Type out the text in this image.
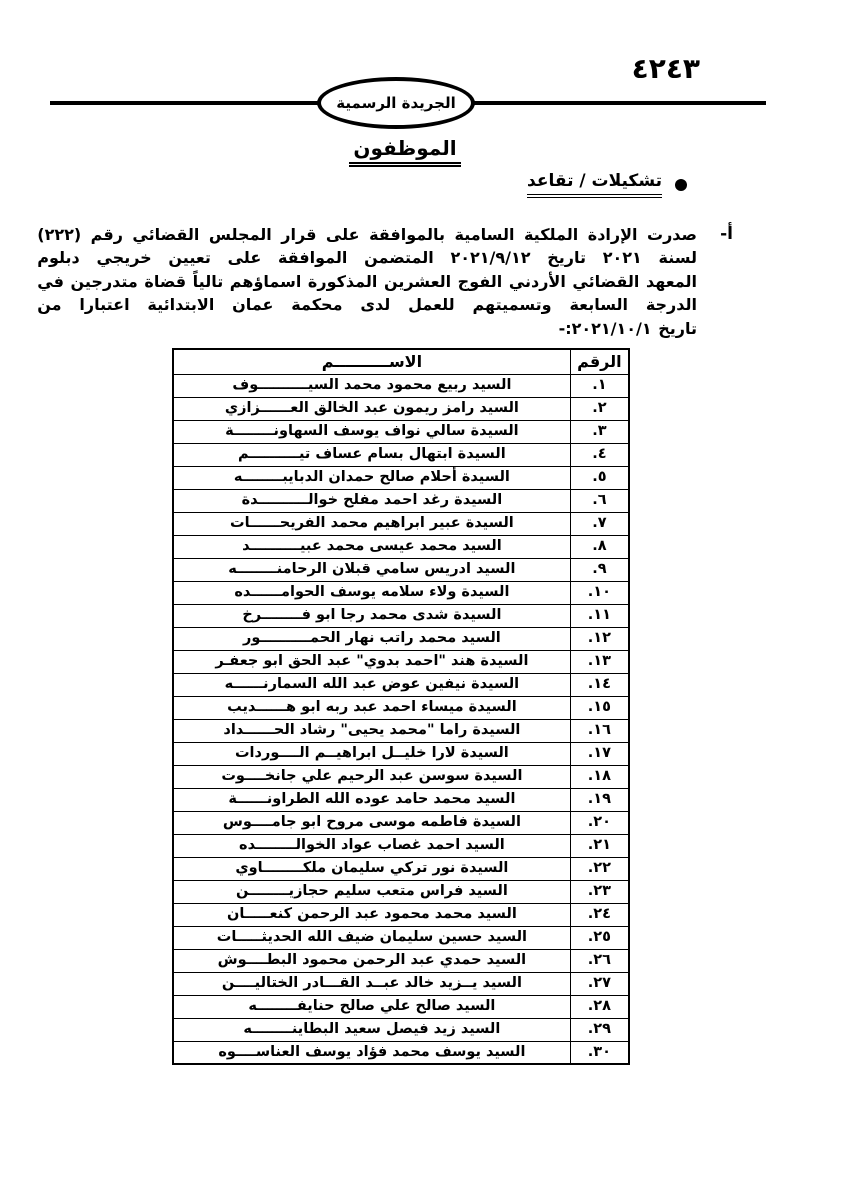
٤٢٤٣
الجريدة الرسمية
الموظفون
تشكيلات / تقاعد
أ-
صدرت الإرادة الملكية السامية بالموافقة على قرار المجلس القضائي رقم (٢٢٢)
لسنة ٢٠٢١ تاريخ ٢٠٢١/٩/١٢ المتضمن الموافقة على تعيين خريجي دبلوم
المعهد القضائي الأردني الفوج العشرين المذكورة اسماؤهم تالياً قضاة متدرجين في
الدرجة السابعة وتسميتهم للعمل لدى محكمة عمان الابتدائية اعتبارا من
تاريخ ٢٠٢١/١٠/١:-
الرقم	الاســــــــــم
١.	السيد ربيع محمود محمد السيــــــــــوف
٢.	السيد رامز ريمون عبد الخالق العــــــزازي
٣.	السيدة سالي نواف يوسف السهاونــــــــة
٤.	السيدة ابتهال بسام عساف تيــــــــــم
٥.	السيدة أحلام صالح حمدان الدبايبــــــــه
٦.	السيدة رغد احمد مفلح خوالــــــــــدة
٧.	السيدة عبير ابراهيم محمد الفريحــــــات
٨.	السيد محمد عيسى محمد عبيــــــــــد
٩.	السيد ادريس سامي قبلان الرحامنــــــــه
١٠.	السيدة ولاء سلامه يوسف الحوامــــــده
١١.	السيدة شدى محمد رجا ابو فــــــــرخ
١٢.	السيد محمد راتب نهار الحمــــــــــور
١٣.	السيدة هند "احمد بدوي" عبد الحق ابو جعفـر
١٤.	السيدة نيفين عوض عبد الله السمارنــــــه
١٥.	السيدة ميساء احمد عبد ربه ابو هــــــديب
١٦.	السيدة راما "محمد يحيى" رشاد الحــــــداد
١٧.	السيدة لارا خليــل ابراهيــم الــــوردات
١٨.	السيدة سوسن عبد الرحيم علي جانخــــوت
١٩.	السيد محمد حامد عوده الله الطراونــــــة
٢٠.	السيدة فاطمه موسى مروح ابو جامــــوس
٢١.	السيد احمد غصاب عواد الخوالــــــــده
٢٢.	السيدة نور تركي سليمان ملكــــــــاوي
٢٣.	السيد فراس متعب سليم حجازيــــــــن
٢٤.	السيد محمد محمود عبد الرحمن كنعـــــان
٢٥.	السيد حسين سليمان ضيف الله الحديثـــــات
٢٦.	السيد حمدي عبد الرحمن محمود البطــــوش
٢٧.	السيد يــزيد خالد عبــد القـــادر الختاليــــن
٢٨.	السيد صالح علي صالح حنايفــــــــه
٢٩.	السيد زيد فيصل سعيد البطاينــــــــه
٣٠.	السيد يوسف محمد فؤاد يوسف العناســــوه
